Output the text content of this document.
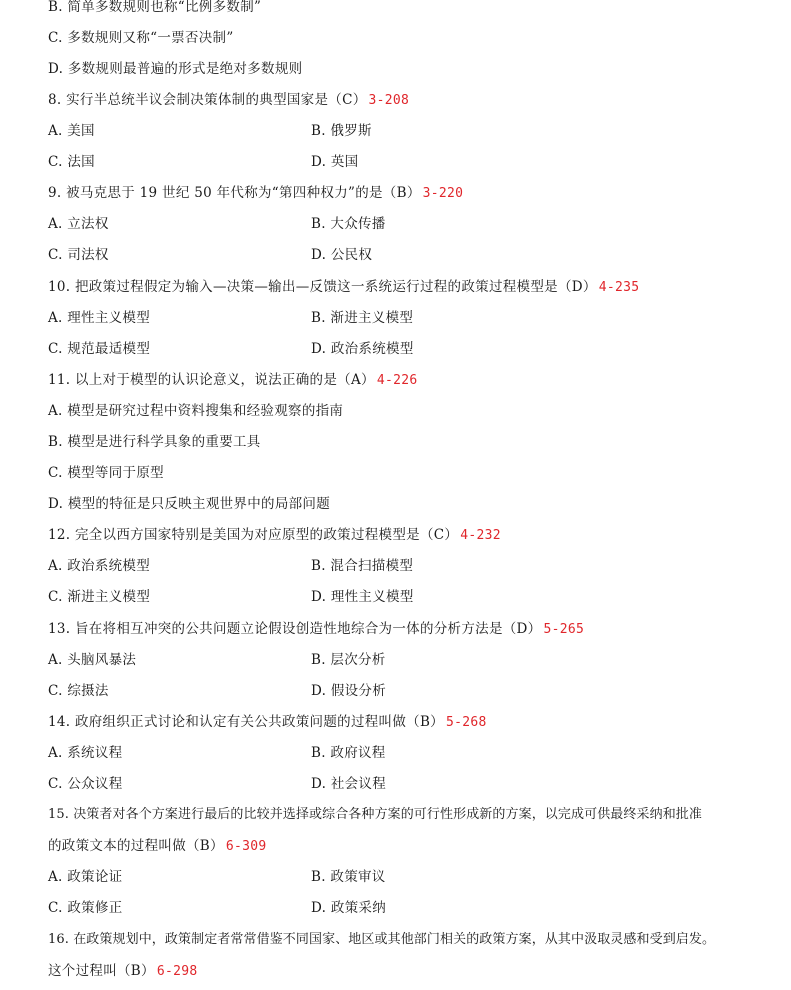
B. 简单多数规则也称“比例多数制”
C. 多数规则又称“一票否决制”
D. 多数规则最普遍的形式是绝对多数规则
8. 实行半总统半议会制决策体制的典型国家是（C） 3-208
A. 美国	B. 俄罗斯
C. 法国	D. 英国
9. 被马克思于 19 世纪 50 年代称为“第四种权力”的是（B） 3-220
A. 立法权	B. 大众传播
C. 司法权	D. 公民权
10. 把政策过程假定为输入—决策—输出—反馈这一系统运行过程的政策过程模型是（D） 4-235
A. 理性主义模型	B. 渐进主义模型
C. 规范最适模型	D. 政治系统模型
11. 以上对于模型的认识论意义，说法正确的是（A） 4-226
A. 模型是研究过程中资料搜集和经验观察的指南
B. 模型是进行科学具象的重要工具
C. 模型等同于原型
D. 模型的特征是只反映主观世界中的局部问题
12. 完全以西方国家特别是美国为对应原型的政策过程模型是（C） 4-232
A. 政治系统模型	B. 混合扫描模型
C. 渐进主义模型	D. 理性主义模型
13. 旨在将相互冲突的公共问题立论假设创造性地综合为一体的分析方法是（D） 5-265
A. 头脑风暴法	B. 层次分析
C. 综摄法	D. 假设分析
14. 政府组织正式讨论和认定有关公共政策问题的过程叫做（B） 5-268
A. 系统议程	B. 政府议程
C. 公众议程	D. 社会议程
15. 决策者对各个方案进行最后的比较并选择或综合各种方案的可行性形成新的方案，以完成可供最终采纳和批准
的政策文本的过程叫做（B） 6-309
A. 政策论证	B. 政策审议
C. 政策修正	D. 政策采纳
16. 在政策规划中，政策制定者常常借鉴不同国家、地区或其他部门相关的政策方案，从其中汲取灵感和受到启发。
这个过程叫（B） 6-298
